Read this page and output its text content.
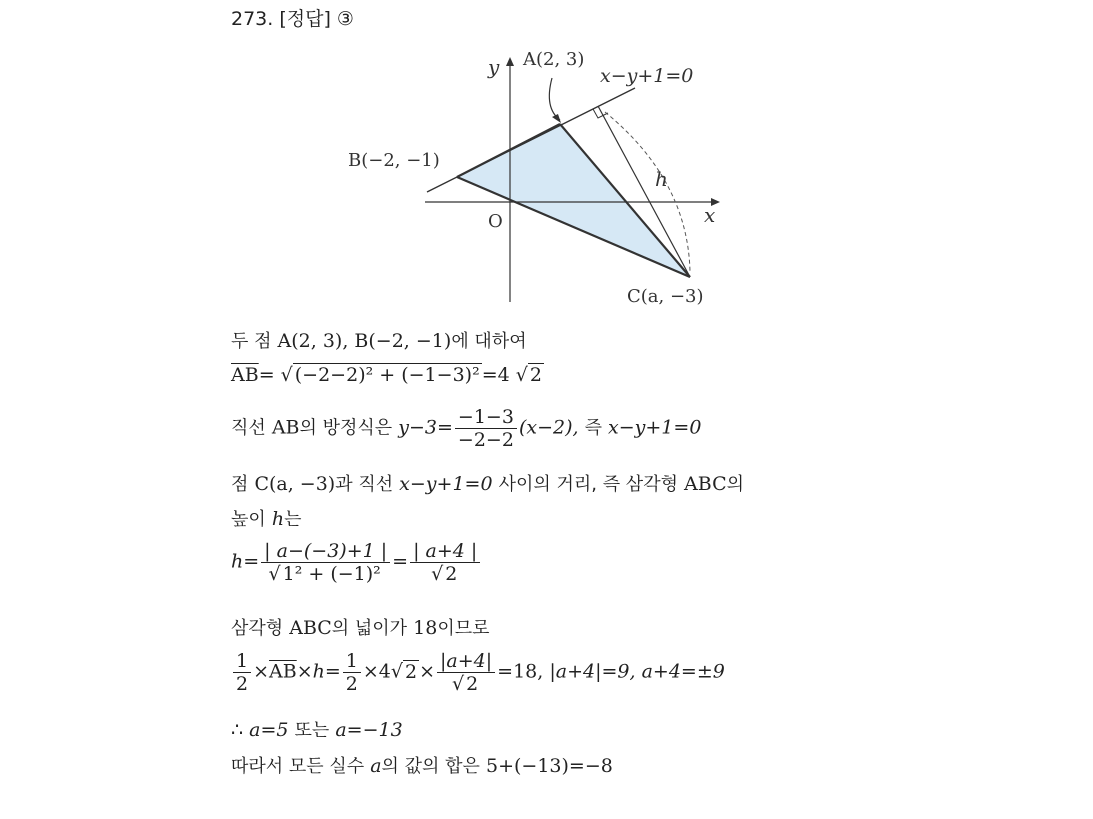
273. [정답] ③
y
x
O
A(2, 3)
B(−2, −1)
C(a, −3)
h
x−y+1=0
두 점 A(2, 3), B(−2, −1)에 대하여
$\overline{AB}=$ √ (−2−2)² + (−1−3)² =4 √ 2
직선 AB의 방정식은 $y-3= \frac{-1-3}{-2-2} (x-2)$, 즉 x−y+1=0
점 C(a, −3)과 직선 x−y+1=0 사이의 거리, 즉 삼각형 ABC의
높이 h는
$h= \frac{| a-(-3)+1 |}{\text{√ 1² + (−1)²}} = \frac{| a+4 |}{√ 2}$
삼각형 ABC의 넓이가 18이므로
$\frac{1}{2} \times\overline{AB}\times h= \frac{1}{2} \times 4√$ $2 \times \frac{|a+4|}{√ 2} =18$, |a+4|=9, a+4=±9
∴ a=5 또는 a=−13
따라서 모든 실수 a의 값의 합은 5+(−13)=−8
